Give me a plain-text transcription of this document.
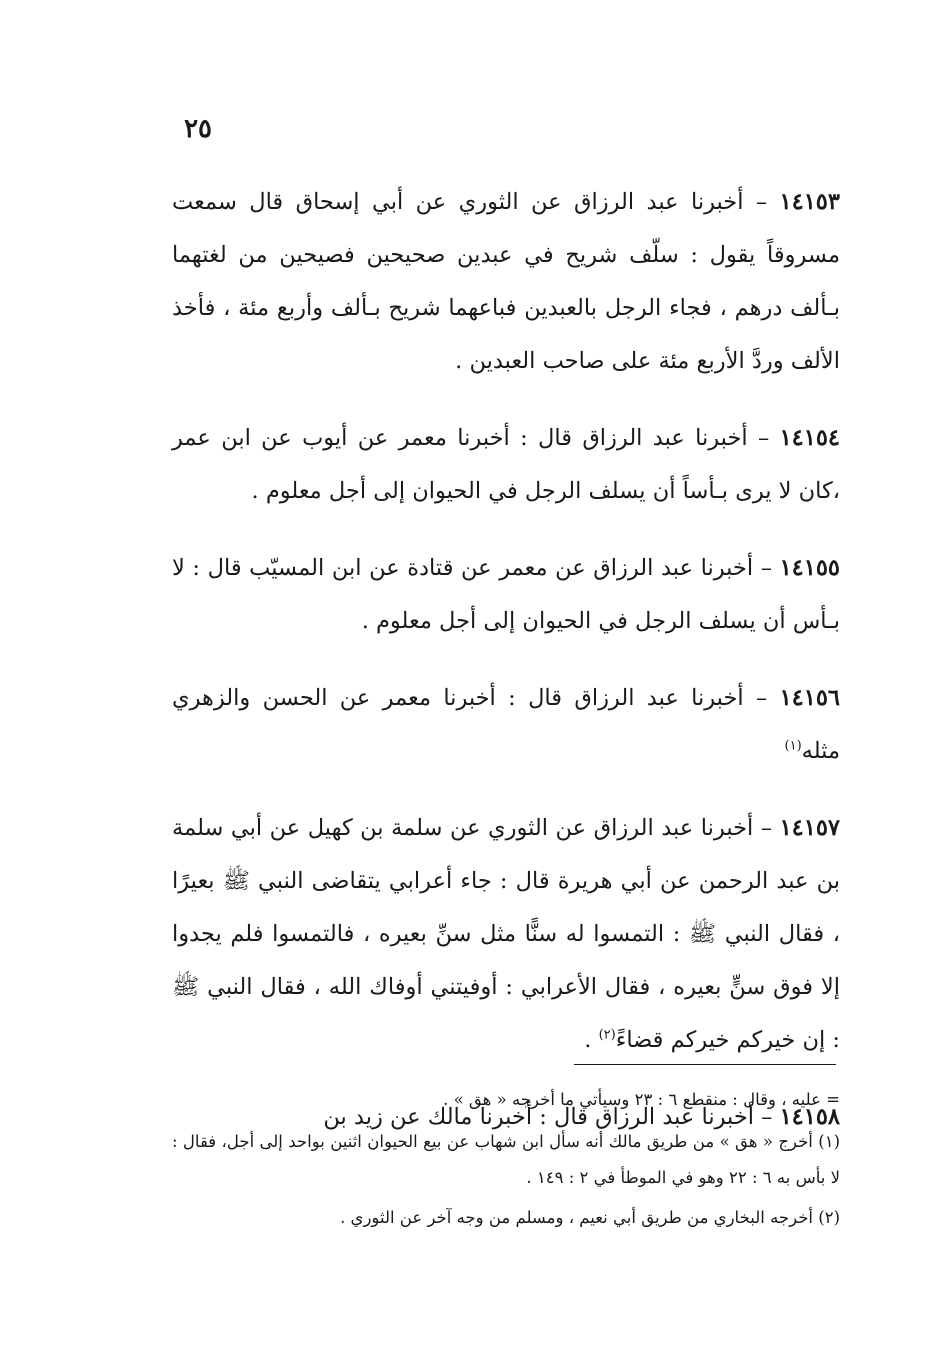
٢٥

١٤١٥٣ – أخبرنا عبد الرزاق عن الثوري عن أبي إسحاق قال سمعت مسروقاً يقول : سلّف شريح في عبدين صحيحين فصيحين من لغتهما بـألف درهم ، فجاء الرجل بالعبدين فباعهما شريح بـألف وأربع مئة ، فأخذ الألف وردَّ الأربع مئة على صاحب العبدين .

١٤١٥٤ – أخبرنا عبد الرزاق قال : أخبرنا معمر عن أيوب عن ابن عمر ،كان لا يرى بـأساً أن يسلف الرجل في الحيوان إلى أجل معلوم .

١٤١٥٥ – أخبرنا عبد الرزاق عن معمر عن قتادة عن ابن المسيّب قال : لا بـأس أن يسلف الرجل في الحيوان إلى أجل معلوم .

١٤١٥٦ – أخبرنا عبد الرزاق قال : أخبرنا معمر عن الحسن والزهري مثله$^{(١)}$

١٤١٥٧ – أخبرنا عبد الرزاق عن الثوري عن سلمة بن كهيل عن أبي سلمة بن عبد الرحمن عن أبي هريرة قال : جاء أعرابي يتقاضى النبي ﷺ بعيرًا ، فقال النبي ﷺ : التمسوا له سنًّا مثل سنِّ بعيره ، فالتمسوا فلم يجدوا إلا فوق سنٍّ بعيره ، فقال الأعرابي : أوفيتني أوفاك الله ، فقال النبي ﷺ : إن خيركم خيركم قضاءً$^{(٢)}$ .

١٤١٥٨ – أخبرنا عبد الرزاق قال : أخبرنا مالك عن زيد بن

= عليه ، وقال : منقطع ٦ : ٢٣ وسيأتي ما أخرجه « هق » .

(١) أخرج « هق » من طريق مالك أنه سأل ابن شهاب عن بيع الحيوان اثنين بواحد إلى أجل، فقال : لا بأس به ٦ : ٢٢ وهو في الموطأ في ٢ : ١٤٩ .

(٢) أخرجه البخاري من طريق أبي نعيم ، ومسلم من وجه آخر عن الثوري .
